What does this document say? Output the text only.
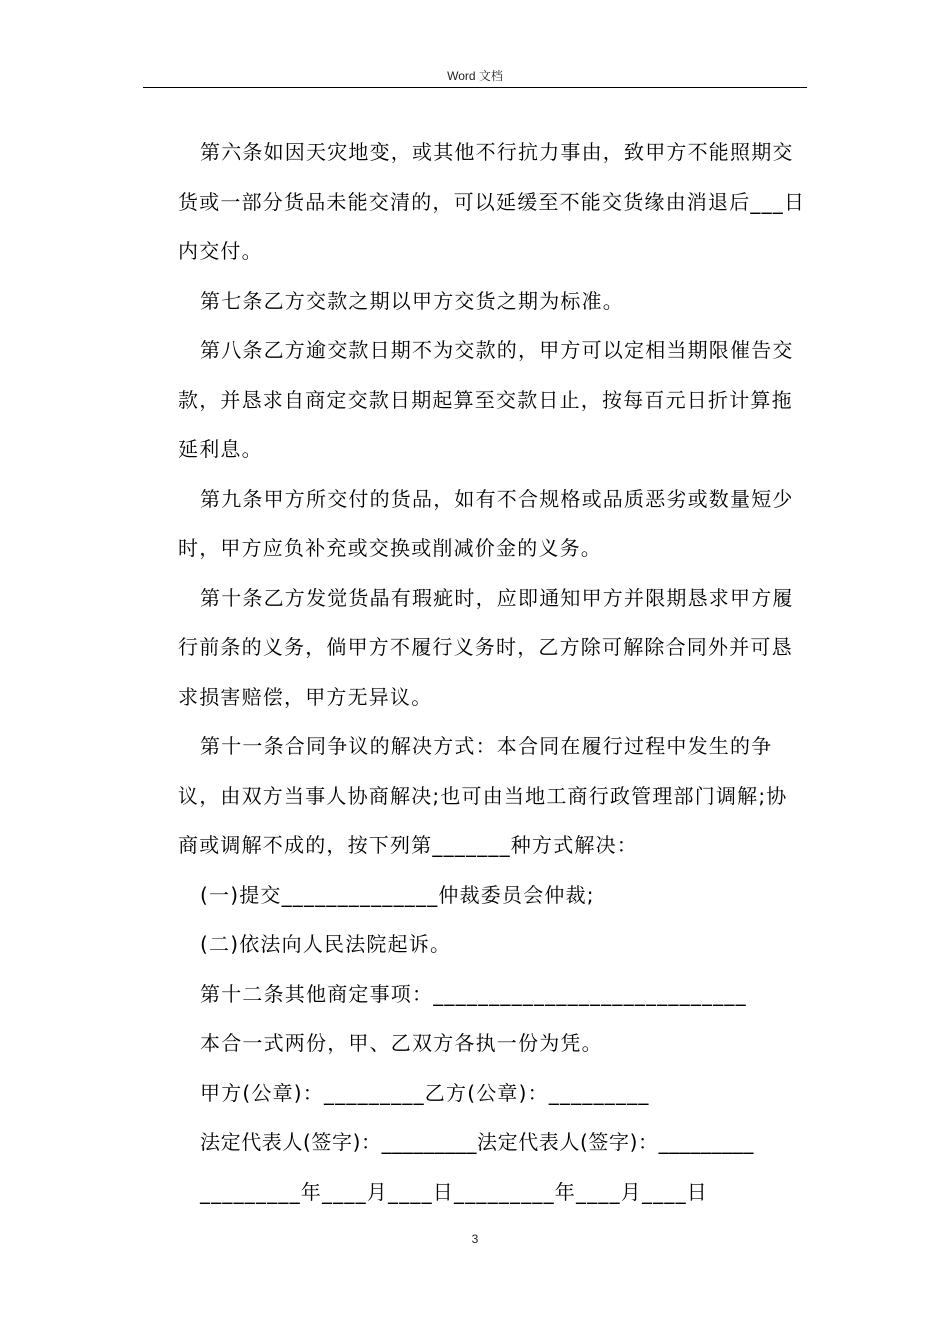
Word 文档

第六条如因天灾地变，或其他不行抗力事由，致甲方不能照期交货或一部分货品未能交清的，可以延缓至不能交货缘由消退后___日内交付。

第七条乙方交款之期以甲方交货之期为标准。

第八条乙方逾交款日期不为交款的，甲方可以定相当期限催告交款，并恳求自商定交款日期起算至交款日止，按每百元日折计算拖延利息。

第九条甲方所交付的货品，如有不合规格或品质恶劣或数量短少时，甲方应负补充或交换或削减价金的义务。

第十条乙方发觉货晶有瑕疵时，应即通知甲方并限期恳求甲方履行前条的义务，倘甲方不履行义务时，乙方除可解除合同外并可恳求损害赔偿，甲方无异议。

第十一条合同争议的解决方式：本合同在履行过程中发生的争议，由双方当事人协商解决;也可由当地工商行政管理部门调解;协商或调解不成的，按下列第_______种方式解决：

(一)提交______________仲裁委员会仲裁;

(二)依法向人民法院起诉。

第十二条其他商定事项：____________________________

本合一式两份，甲、乙双方各执一份为凭。

甲方(公章)：_________乙方(公章)：_________

法定代表人(签字)：_________法定代表人(签字)：_________

_________年____月____日_________年____月____日

3
